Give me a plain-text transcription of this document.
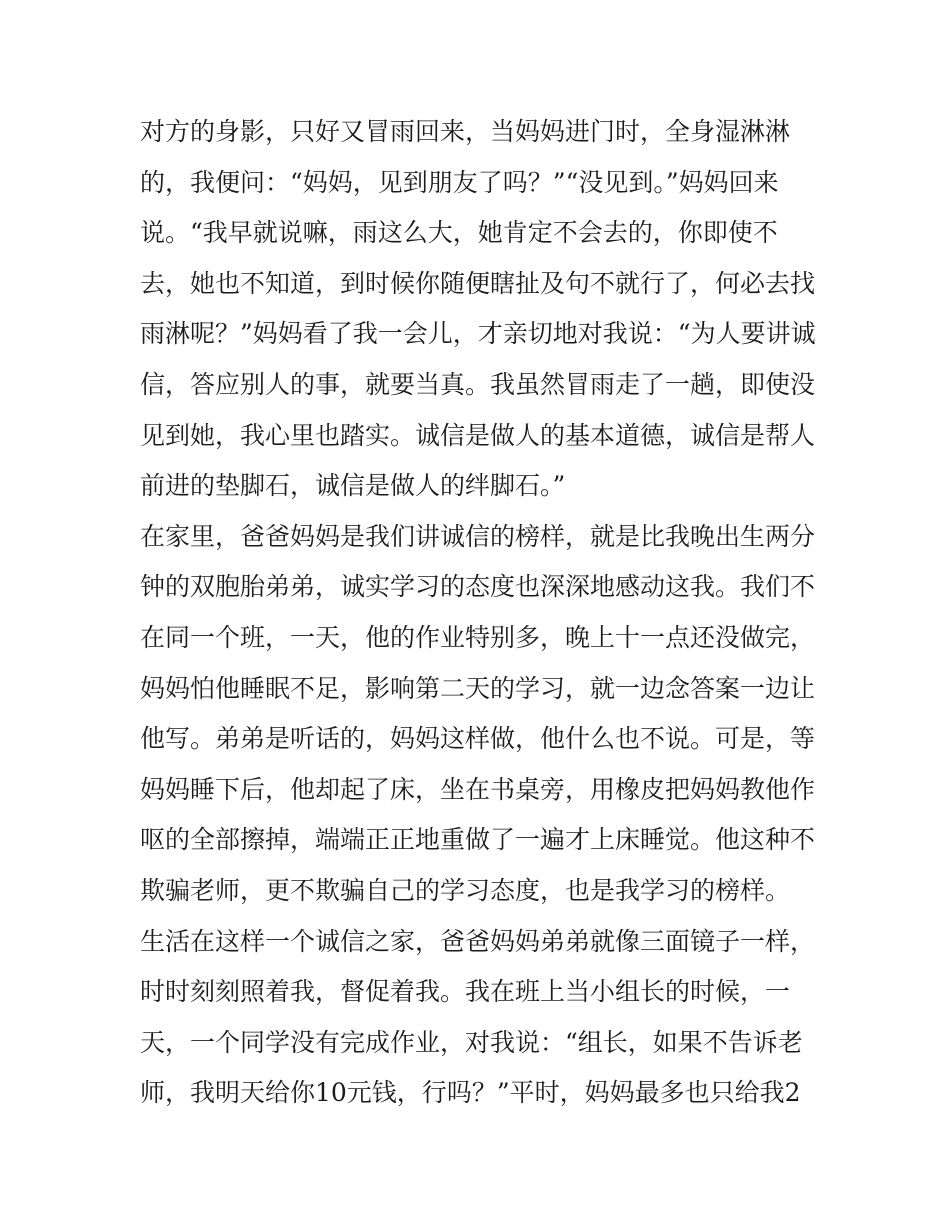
对方的身影，只好又冒雨回来，当妈妈进门时，全身湿淋淋
的，我便问：“妈妈，见到朋友了吗？”“没见到。”妈妈回来
说。“我早就说嘛，雨这么大，她肯定不会去的，你即使不
去，她也不知道，到时候你随便瞎扯及句不就行了，何必去找
雨淋呢？”妈妈看了我一会儿，才亲切地对我说：“为人要讲诚
信，答应别人的事，就要当真。我虽然冒雨走了一趟，即使没
见到她，我心里也踏实。诚信是做人的基本道德，诚信是帮人
前进的垫脚石，诚信是做人的绊脚石。”
在家里，爸爸妈妈是我们讲诚信的榜样，就是比我晚出生两分
钟的双胞胎弟弟，诚实学习的态度也深深地感动这我。我们不
在同一个班，一天，他的作业特别多，晚上十一点还没做完，
妈妈怕他睡眠不足，影响第二天的学习，就一边念答案一边让
他写。弟弟是听话的，妈妈这样做，他什么也不说。可是，等
妈妈睡下后，他却起了床，坐在书桌旁，用橡皮把妈妈教他作
呕的全部擦掉，端端正正地重做了一遍才上床睡觉。他这种不
欺骗老师，更不欺骗自己的学习态度，也是我学习的榜样。
生活在这样一个诚信之家，爸爸妈妈弟弟就像三面镜子一样，
时时刻刻照着我，督促着我。我在班上当小组长的时候，一
天，一个同学没有完成作业，对我说：“组长，如果不告诉老
师，我明天给你10元钱，行吗？”平时，妈妈最多也只给我2
